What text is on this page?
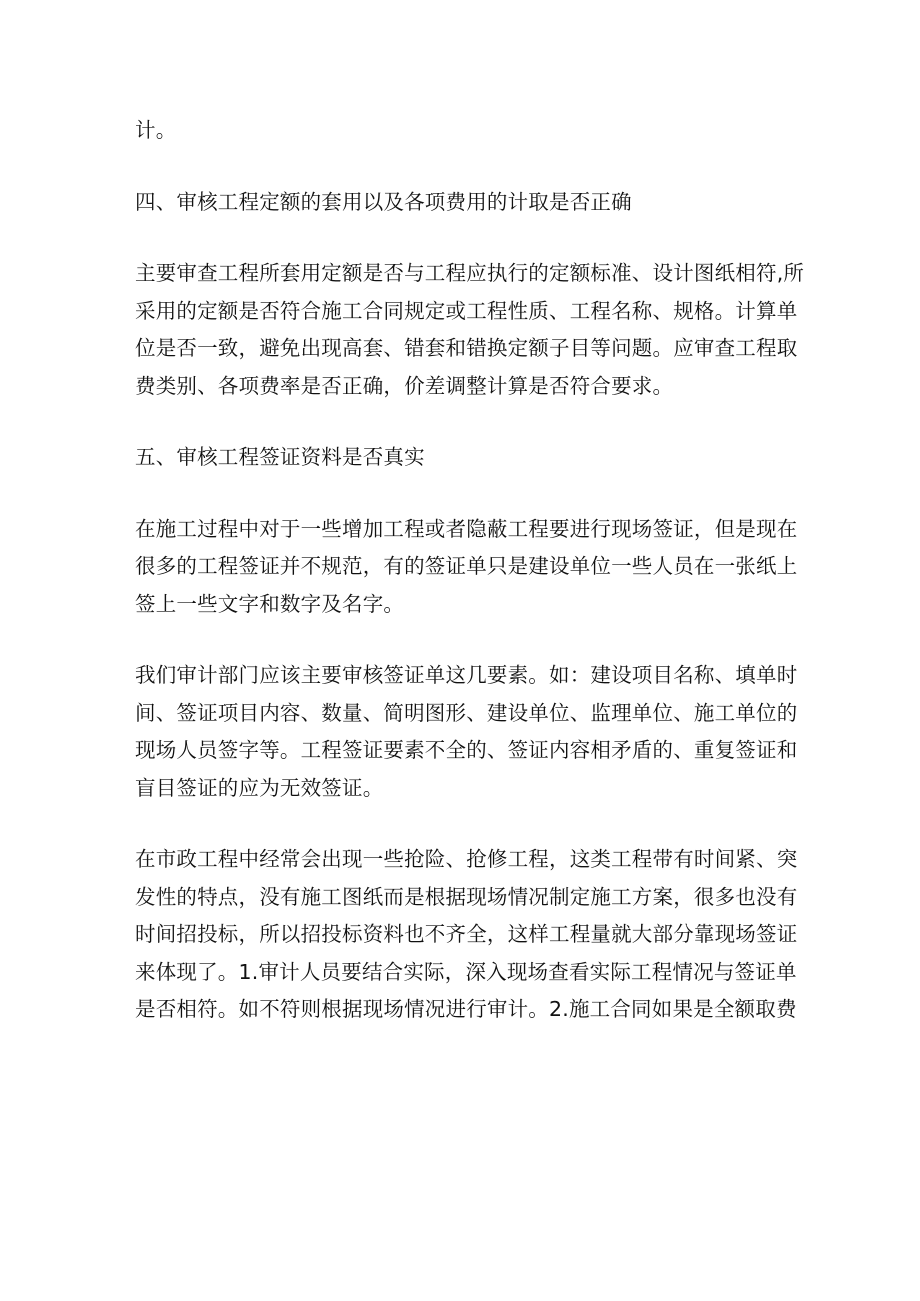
计。
四、审核工程定额的套用以及各项费用的计取是否正确
主要审查工程所套用定额是否与工程应执行的定额标准、设计图纸相符,所
采用的定额是否符合施工合同规定或工程性质、工程名称、规格。计算单
位是否一致，避免出现高套、错套和错换定额子目等问题。应审查工程取
费类别、各项费率是否正确，价差调整计算是否符合要求。
五、审核工程签证资料是否真实
在施工过程中对于一些增加工程或者隐蔽工程要进行现场签证，但是现在
很多的工程签证并不规范，有的签证单只是建设单位一些人员在一张纸上
签上一些文字和数字及名字。
我们审计部门应该主要审核签证单这几要素。如：建设项目名称、填单时
间、签证项目内容、数量、简明图形、建设单位、监理单位、施工单位的
现场人员签字等。工程签证要素不全的、签证内容相矛盾的、重复签证和
盲目签证的应为无效签证。
在市政工程中经常会出现一些抢险、抢修工程，这类工程带有时间紧、突
发性的特点，没有施工图纸而是根据现场情况制定施工方案，很多也没有
时间招投标，所以招投标资料也不齐全，这样工程量就大部分靠现场签证
来体现了。1.审计人员要结合实际，深入现场查看实际工程情况与签证单
是否相符。如不符则根据现场情况进行审计。2.施工合同如果是全额取费
